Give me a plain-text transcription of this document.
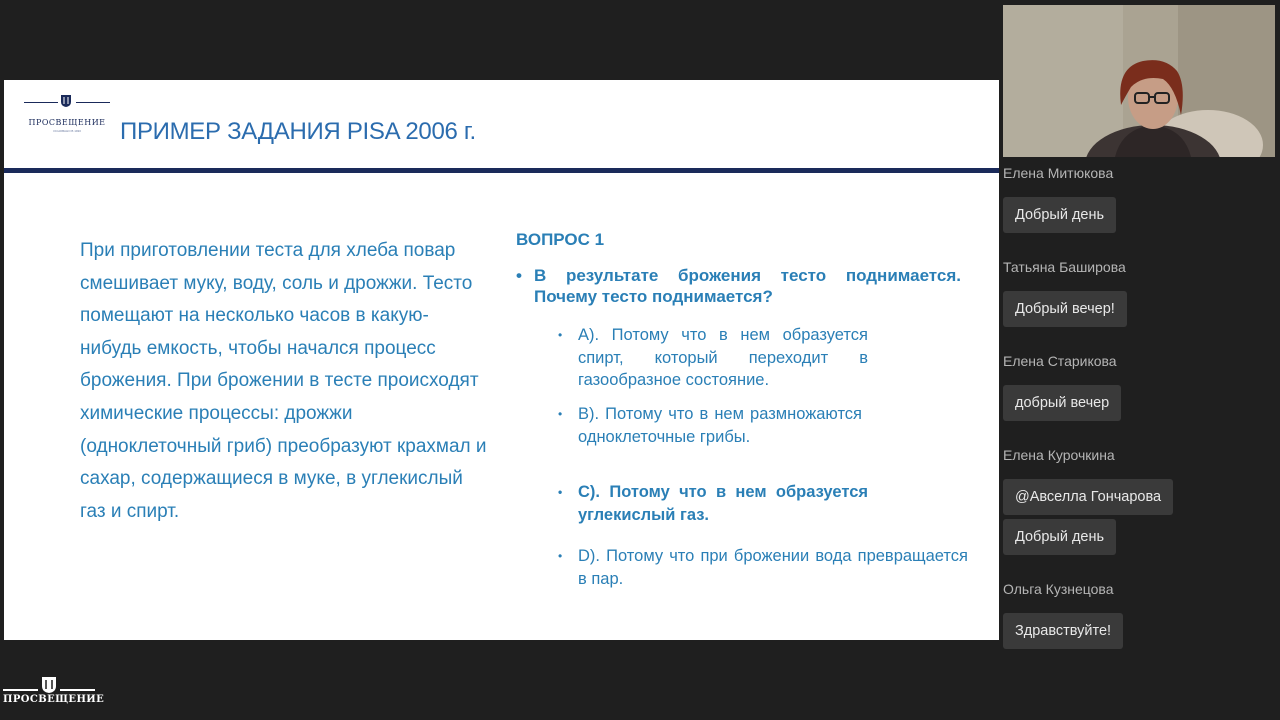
ПРОСВЕЩЕНИЕ
ОСНОВАНО В 1930	ПРИМЕР ЗАДАНИЯ PISA 2006 г.

При приготовлении теста для хлеба повар смешивает муку, воду, соль и дрожжи. Тесто помещают на несколько часов в какую-нибудь емкость, чтобы начался процесс брожения. При брожении в тесте происходят химические процессы: дрожжи (одноклеточный гриб) преобразуют крахмал и сахар, содержащиеся в муке, в углекислый газ и спирт.

ВОПРОС 1

• В результате брожения тесто поднимается. Почему тесто поднимается?
• А). Потому что в нем образуется спирт, который переходит в газообразное состояние.
• В). Потому что в нем размножаются одноклеточные грибы.
• С). Потому что в нем образуется углекислый газ.
• D). Потому что при брожении вода превращается в пар.
Елена Митюкова
Добрый день
Татьяна Баширова
Добрый вечер!
Елена Старикова
добрый вечер
Елена Курочкина
@Авселла Гончарова
Добрый день
Ольга Кузнецова
Здравствуйте!
ПРОСВЕЩЕНИЕ
